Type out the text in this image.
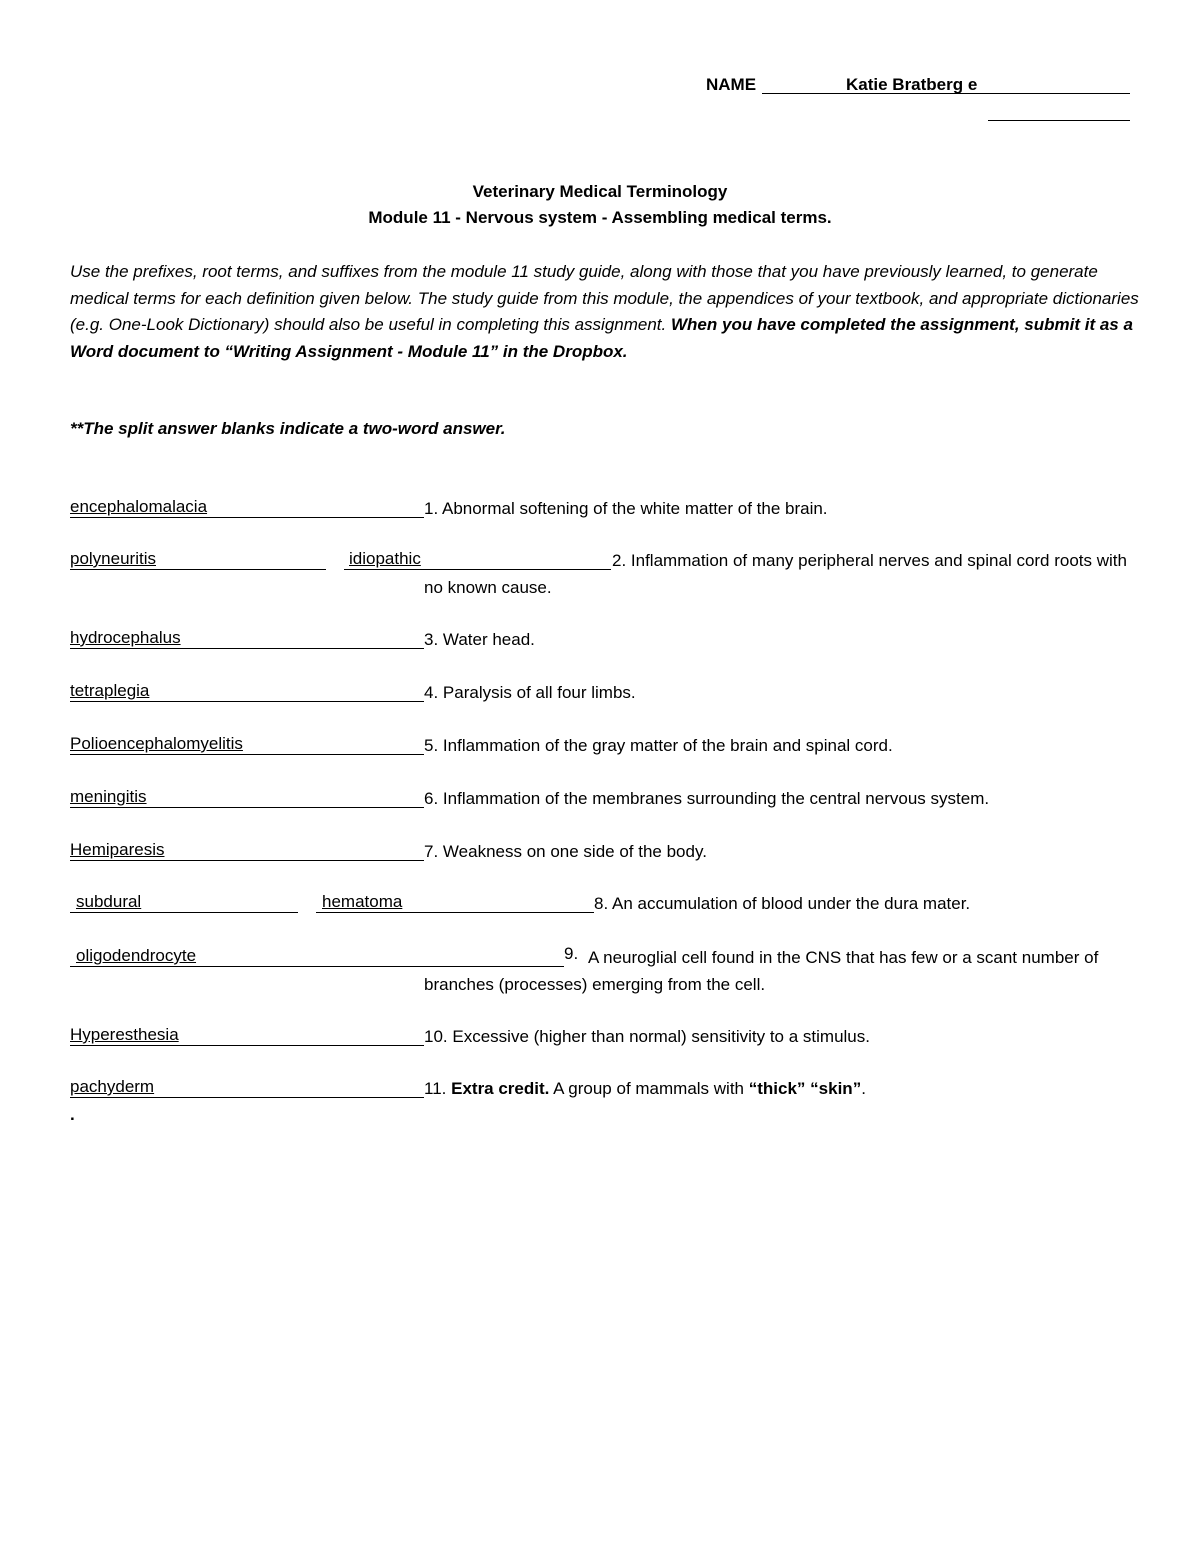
NAME	Katie Bratberg e
Veterinary Medical Terminology
Module 11 - Nervous system - Assembling medical terms.
Use the prefixes, root terms, and suffixes from the module 11 study guide, along with those that you have previously learned, to generate medical terms for each definition given below. The study guide from this module, the appendices of your textbook, and appropriate dictionaries (e.g. One-Look Dictionary) should also be useful in completing this assignment. When you have completed the assignment, submit it as a Word document to “Writing Assignment - Module 11” in the Dropbox.
**The split answer blanks indicate a two-word answer.
encephalomalacia	1. Abnormal softening of the white matter of the brain.
polyneuritis	idiopathic	2. Inflammation of many peripheral nerves and spinal cord roots with no known cause.
hydrocephalus	3. Water head.
tetraplegia	4. Paralysis of all four limbs.
Polioencephalomyelitis	5. Inflammation of the gray matter of the brain and spinal cord.
meningitis	6. Inflammation of the membranes surrounding the central nervous system.
Hemiparesis	7. Weakness on one side of the body.
subdural	hematoma	8. An accumulation of blood under the dura mater.
oligodendrocyte	9. A neuroglial cell found in the CNS that has few or a scant number of branches (processes) emerging from the cell.
Hyperesthesia	10. Excessive (higher than normal) sensitivity to a stimulus.
pachyderm	11. Extra credit. A group of mammals with “thick” “skin”.
.
